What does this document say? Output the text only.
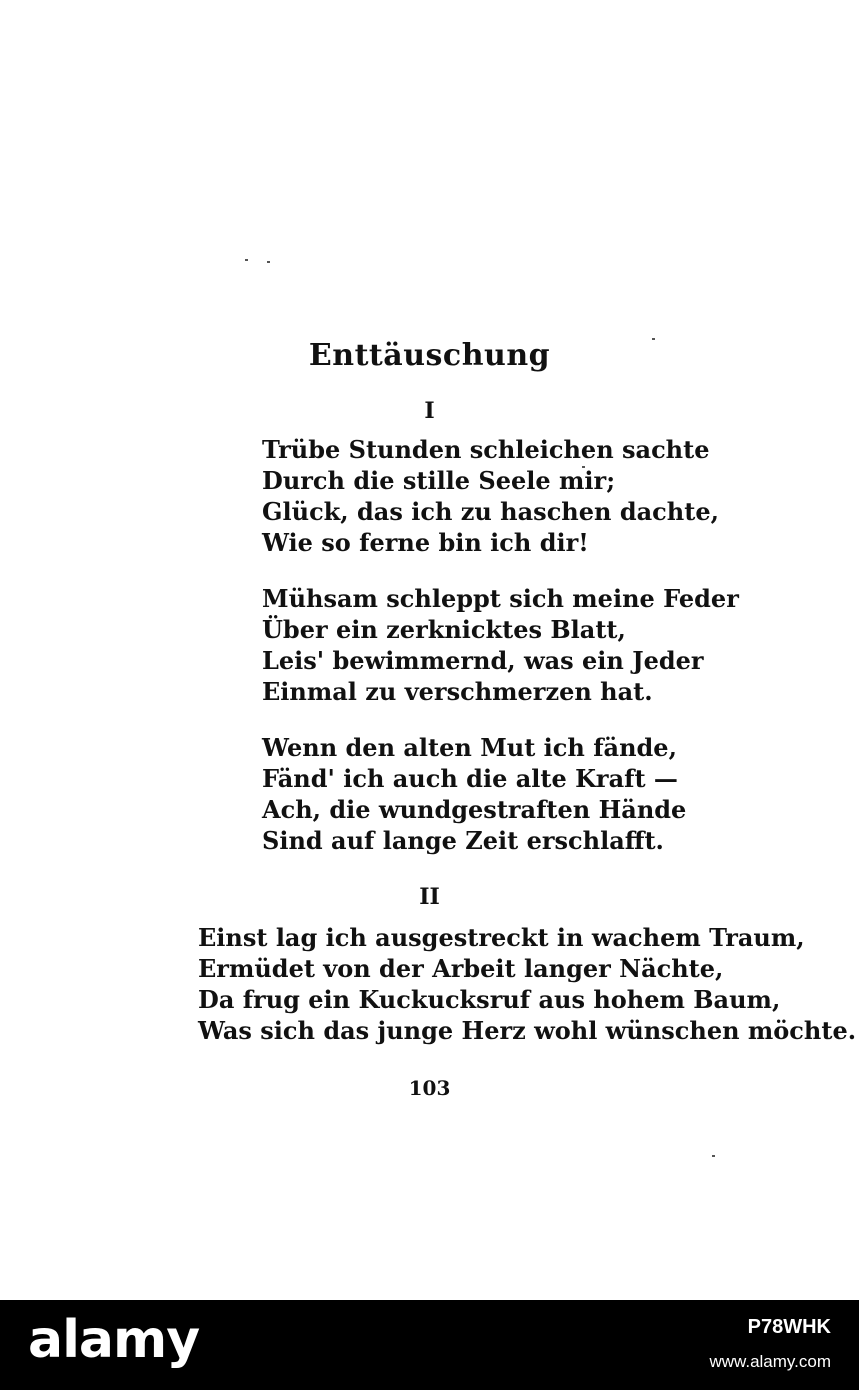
Enttäuschung
I
Trübe Stunden schleichen sachte
Durch die stille Seele mir;
Glück, das ich zu haschen dachte,
Wie so ferne bin ich dir!
Mühsam schleppt sich meine Feder
Über ein zerknicktes Blatt,
Leis' bewimmernd, was ein Jeder
Einmal zu verschmerzen hat.
Wenn den alten Mut ich fände,
Fänd' ich auch die alte Kraft —
Ach, die wundgestraften Hände
Sind auf lange Zeit erschlafft.
II
Einst lag ich ausgestreckt in wachem Traum,
Ermüdet von der Arbeit langer Nächte,
Da frug ein Kuckucksruf aus hohem Baum,
Was sich das junge Herz wohl wünschen möchte.
103
alamy	P78WHK
www.alamy.com
